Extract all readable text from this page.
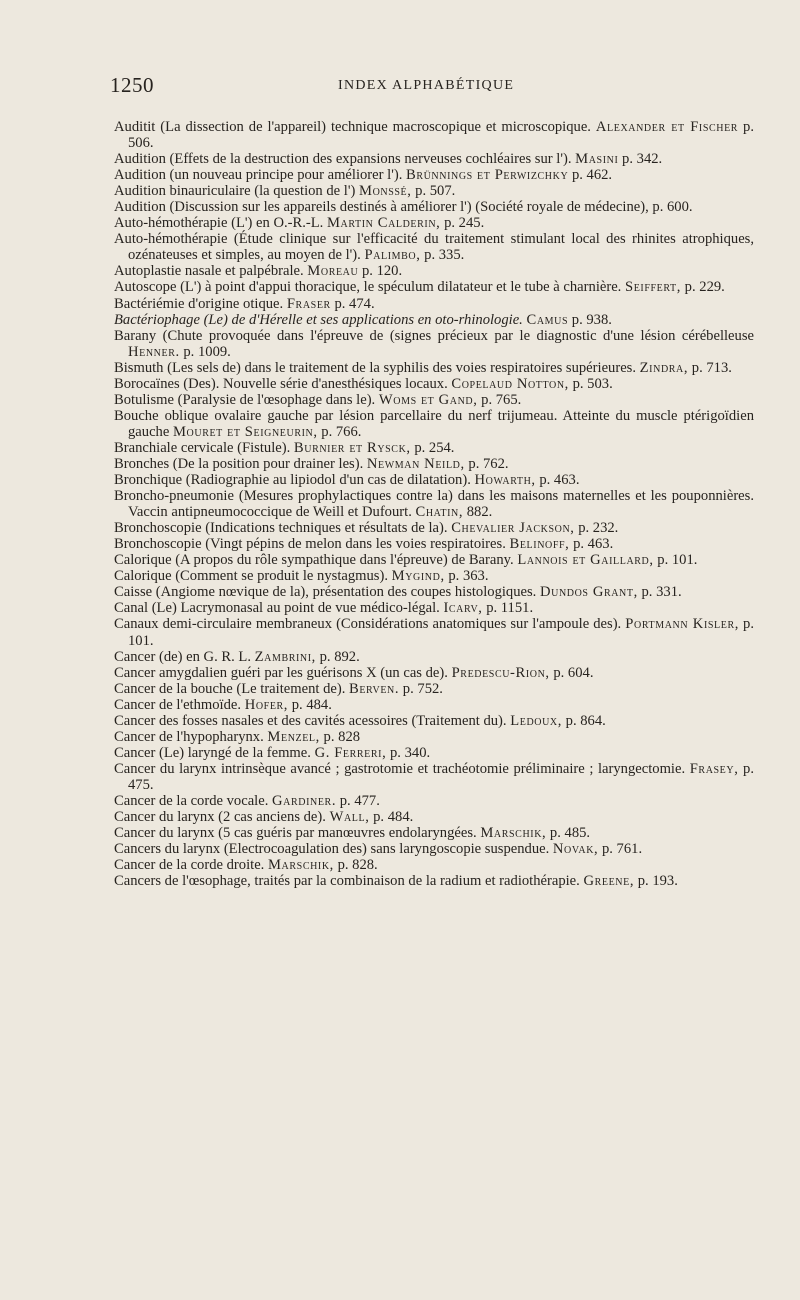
1250	INDEX ALPHABÉTIQUE

Auditit (La dissection de l'appareil) technique macroscopique et microscopique. Alexander et Fischer p. 506.

Audition (Effets de la destruction des expansions nerveuses cochléaires sur l'). Masini p. 342.

Audition (un nouveau principe pour améliorer l'). Brünnings et Perwizchky p. 462.

Audition binauriculaire (la question de l') Monssé, p. 507.

Audition (Discussion sur les appareils destinés à améliorer l') (Société royale de médecine), p. 600.

Auto-hémothérapie (L') en O.-R.-L. Martin Calderin, p. 245.

Auto-hémothérapie (Étude clinique sur l'efficacité du traitement stimulant local des rhinites atrophiques, ozénateuses et simples, au moyen de l'). Palimbo, p. 335.

Autoplastie nasale et palpébrale. Moreau p. 120.

Autoscope (L') à point d'appui thoracique, le spéculum dilatateur et le tube à charnière. Seiffert, p. 229.

Bactériémie d'origine otique. Fraser p. 474.

Bactériophage (Le) de d'Hérelle et ses applications en oto-rhinologie. Camus p. 938.

Barany (Chute provoquée dans l'épreuve de (signes précieux par le diagnostic d'une lésion cérébelleuse Henner. p. 1009.

Bismuth (Les sels de) dans le traitement de la syphilis des voies respiratoires supérieures. Zindra, p. 713.

Borocaïnes (Des). Nouvelle série d'anesthésiques locaux. Copelaud Notton, p. 503.

Botulisme (Paralysie de l'œsophage dans le). Woms et Gand, p. 765.

Bouche oblique ovalaire gauche par lésion parcellaire du nerf trijumeau. Atteinte du muscle ptérigoïdien gauche Mouret et Seigneurin, p. 766.

Branchiale cervicale (Fistule). Burnier et Rysck, p. 254.

Bronches (De la position pour drainer les). Newman Neild, p. 762.

Bronchique (Radiographie au lipiodol d'un cas de dilatation). Howarth, p. 463.

Broncho-pneumonie (Mesures prophylactiques contre la) dans les maisons maternelles et les pouponnières. Vaccin antipneumococcique de Weill et Dufourt. Chatin, 882.

Bronchoscopie (Indications techniques et résultats de la). Chevalier Jackson, p. 232.

Bronchoscopie (Vingt pépins de melon dans les voies respiratoires. Belinoff, p. 463.

Calorique (A propos du rôle sympathique dans l'épreuve) de Barany. Lannois et Gaillard, p. 101.

Calorique (Comment se produit le nystagmus). Mygind, p. 363.

Caisse (Angiome nœvique de la), présentation des coupes histologiques. Dundos Grant, p. 331.

Canal (Le) Lacrymonasal au point de vue médico-légal. Icarv, p. 1151.

Canaux demi-circulaire membraneux (Considérations anatomiques sur l'ampoule des). Portmann Kisler, p. 101.

Cancer (de) en G. R. L. Zambrini, p. 892.

Cancer amygdalien guéri par les guérisons X (un cas de). Predescu-Rion, p. 604.

Cancer de la bouche (Le traitement de). Berven. p. 752.

Cancer de l'ethmoïde. Hofer, p. 484.

Cancer des fosses nasales et des cavités acessoires (Traitement du). Ledoux, p. 864.

Cancer de l'hypopharynx. Menzel, p. 828

Cancer (Le) laryngé de la femme. G. Ferreri, p. 340.

Cancer du larynx intrinsèque avancé ; gastrotomie et trachéotomie préliminaire ; laryngectomie. Frasey, p. 475.

Cancer de la corde vocale. Gardiner. p. 477.

Cancer du larynx (2 cas anciens de). Wall, p. 484.

Cancer du larynx (5 cas guéris par manœuvres endolaryngées. Marschik, p. 485.

Cancers du larynx (Electrocoagulation des) sans laryngoscopie suspendue. Novak, p. 761.

Cancer de la corde droite. Marschik, p. 828.

Cancers de l'œsophage, traités par la combinaison de la radium et radiothérapie. Greene, p. 193.
